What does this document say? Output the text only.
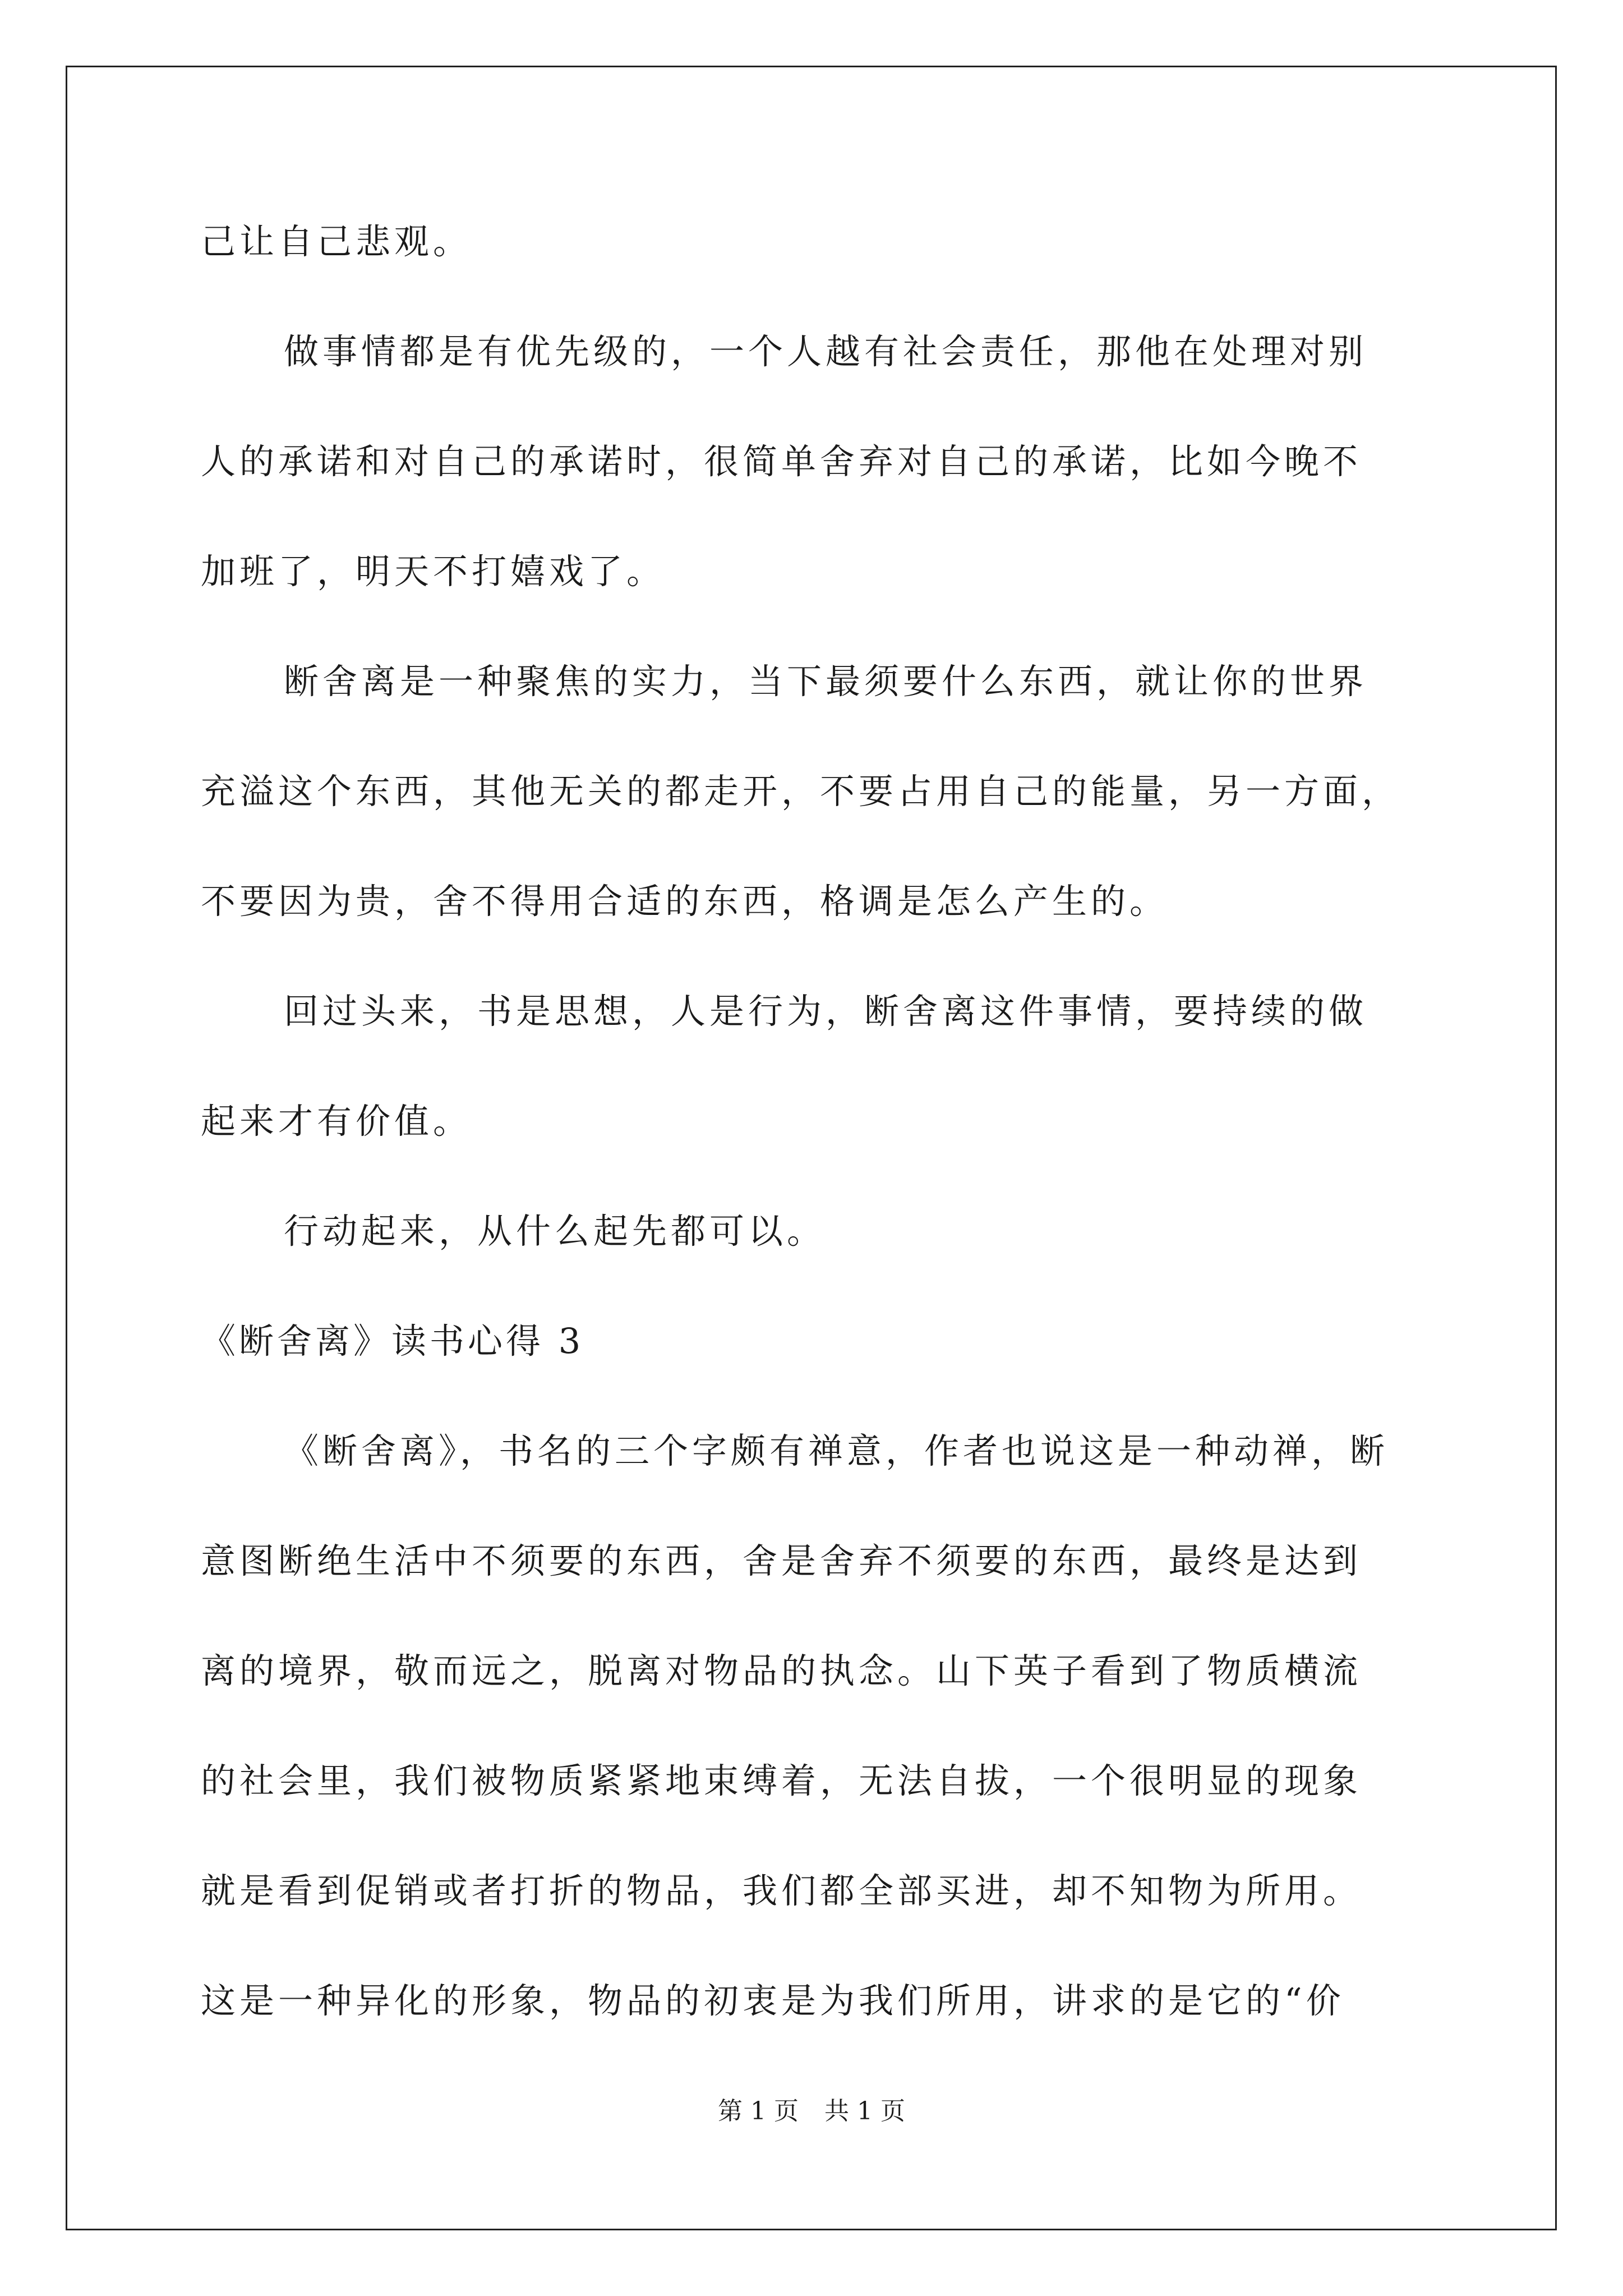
己让自己悲观。
做事情都是有优先级的，一个人越有社会责任，那他在处理对别
人的承诺和对自己的承诺时，很简单舍弃对自己的承诺，比如今晚不
加班了，明天不打嬉戏了。
断舍离是一种聚焦的实力，当下最须要什么东西，就让你的世界
充溢这个东西，其他无关的都走开，不要占用自己的能量，另一方面，
不要因为贵，舍不得用合适的东西，格调是怎么产生的。
回过头来，书是思想，人是行为，断舍离这件事情，要持续的做
起来才有价值。
行动起来，从什么起先都可以。
《断舍离》读书心得 3
《断舍离》，书名的三个字颇有禅意，作者也说这是一种动禅，断
意图断绝生活中不须要的东西，舍是舍弃不须要的东西，最终是达到
离的境界，敬而远之，脱离对物品的执念。山下英子看到了物质横流
的社会里，我们被物质紧紧地束缚着，无法自拔，一个很明显的现象
就是看到促销或者打折的物品，我们都全部买进，却不知物为所用。
这是一种异化的形象，物品的初衷是为我们所用，讲求的是它的“价
第 1 页 共 1 页
